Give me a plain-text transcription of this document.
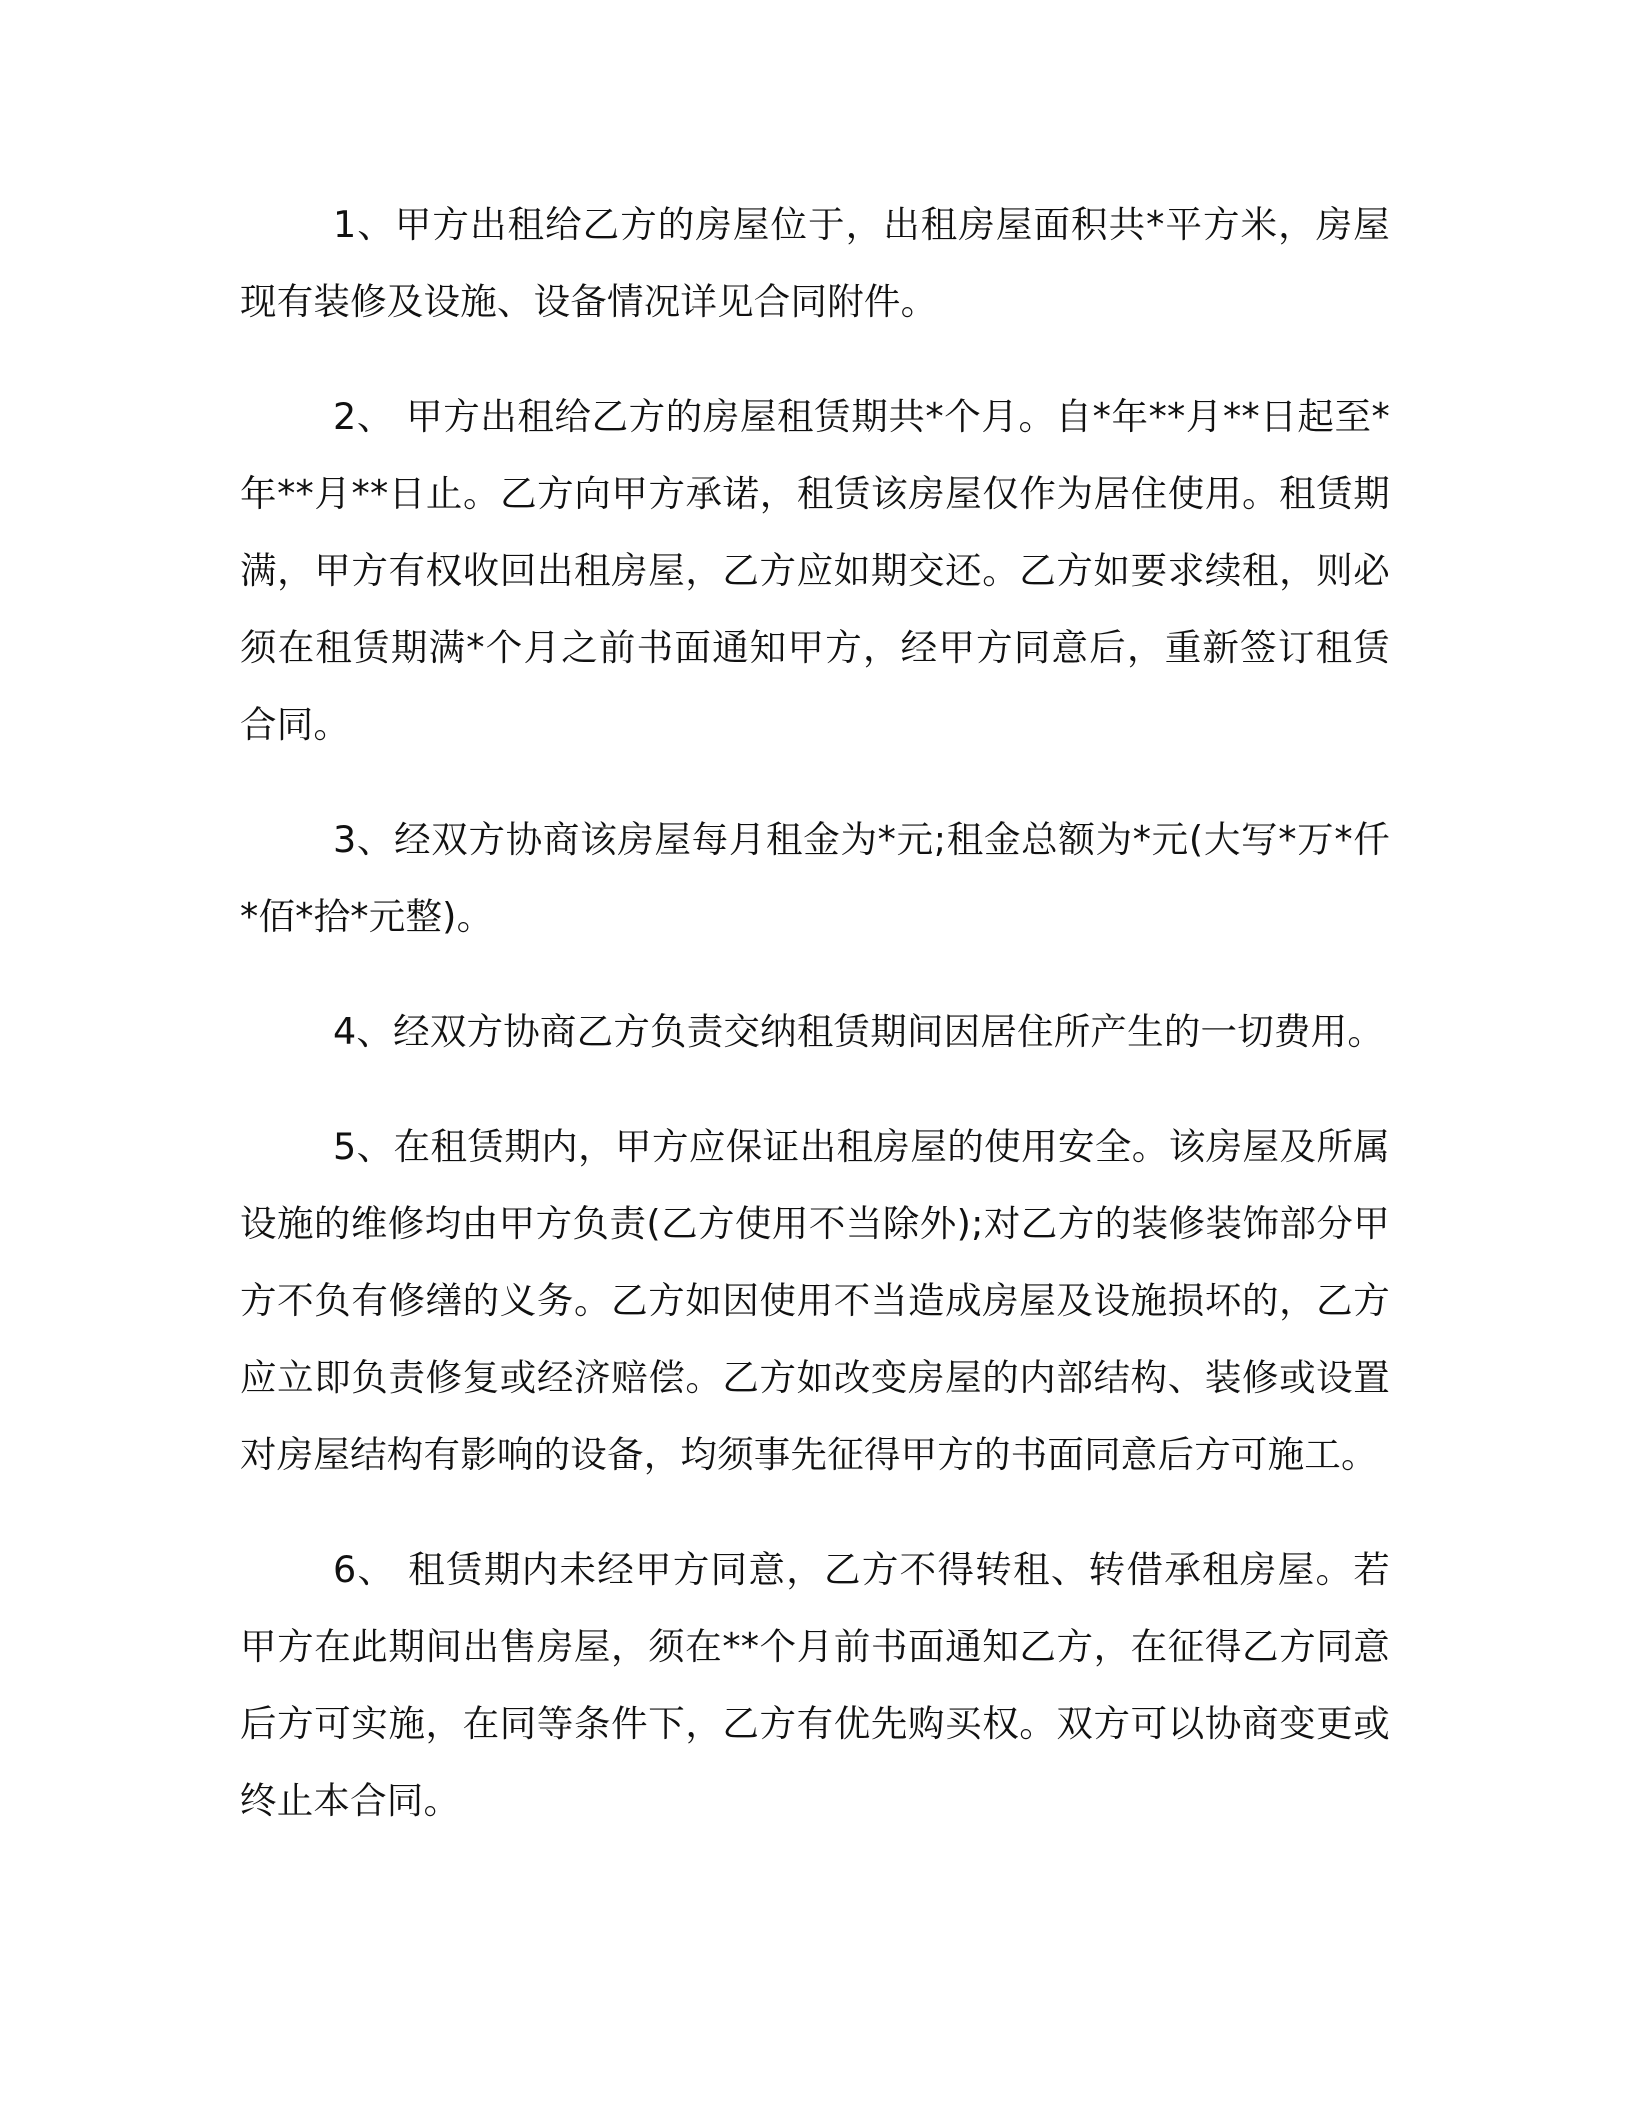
1、甲方出租给乙方的房屋位于，出租房屋面积共*平方米，房屋现有装修及设施、设备情况详见合同附件。

2、 甲方出租给乙方的房屋租赁期共*个月。自*年**月**日起至*年**月**日止。乙方向甲方承诺，租赁该房屋仅作为居住使用。租赁期满，甲方有权收回出租房屋，乙方应如期交还。乙方如要求续租，则必须在租赁期满*个月之前书面通知甲方，经甲方同意后，重新签订租赁合同。

3、经双方协商该房屋每月租金为*元;租金总额为*元(大写*万*仟*佰*拾*元整)。

4、经双方协商乙方负责交纳租赁期间因居住所产生的一切费用。

5、在租赁期内，甲方应保证出租房屋的使用安全。该房屋及所属设施的维修均由甲方负责(乙方使用不当除外);对乙方的装修装饰部分甲方不负有修缮的义务。乙方如因使用不当造成房屋及设施损坏的，乙方应立即负责修复或经济赔偿。乙方如改变房屋的内部结构、装修或设置对房屋结构有影响的设备，均须事先征得甲方的书面同意后方可施工。

6、 租赁期内未经甲方同意，乙方不得转租、转借承租房屋。若甲方在此期间出售房屋，须在**个月前书面通知乙方，在征得乙方同意后方可实施，在同等条件下，乙方有优先购买权。双方可以协商变更或终止本合同。
